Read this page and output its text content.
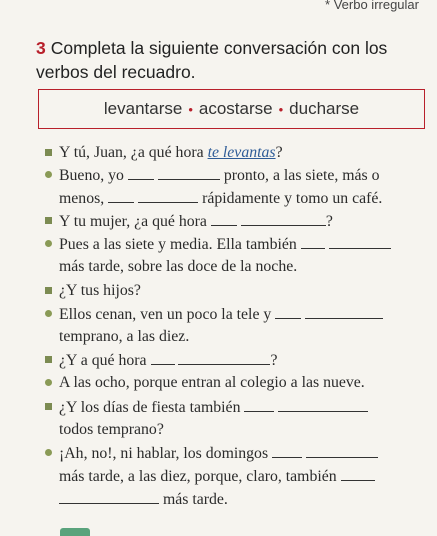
* Verbo irregular
3 Completa la siguiente conversación con los verbos del recuadro.
levantarse • acostarse • ducharse
Y tú, Juan, ¿a qué hora te levantas?
Bueno, yo	pronto, a las siete, más o
menos,	rápidamente y tomo un café.
Y tu mujer, ¿a qué hora	?
Pues a las siete y media. Ella también
más tarde, sobre las doce de la noche.
¿Y tus hijos?
Ellos cenan, ven un poco la tele y
temprano, a las diez.
¿Y a qué hora	?
A las ocho, porque entran al colegio a las nueve.
¿Y los días de fiesta también
todos temprano?
¡Ah, no!, ni hablar, los domingos
más tarde, a las diez, porque, claro, también
más tarde.
